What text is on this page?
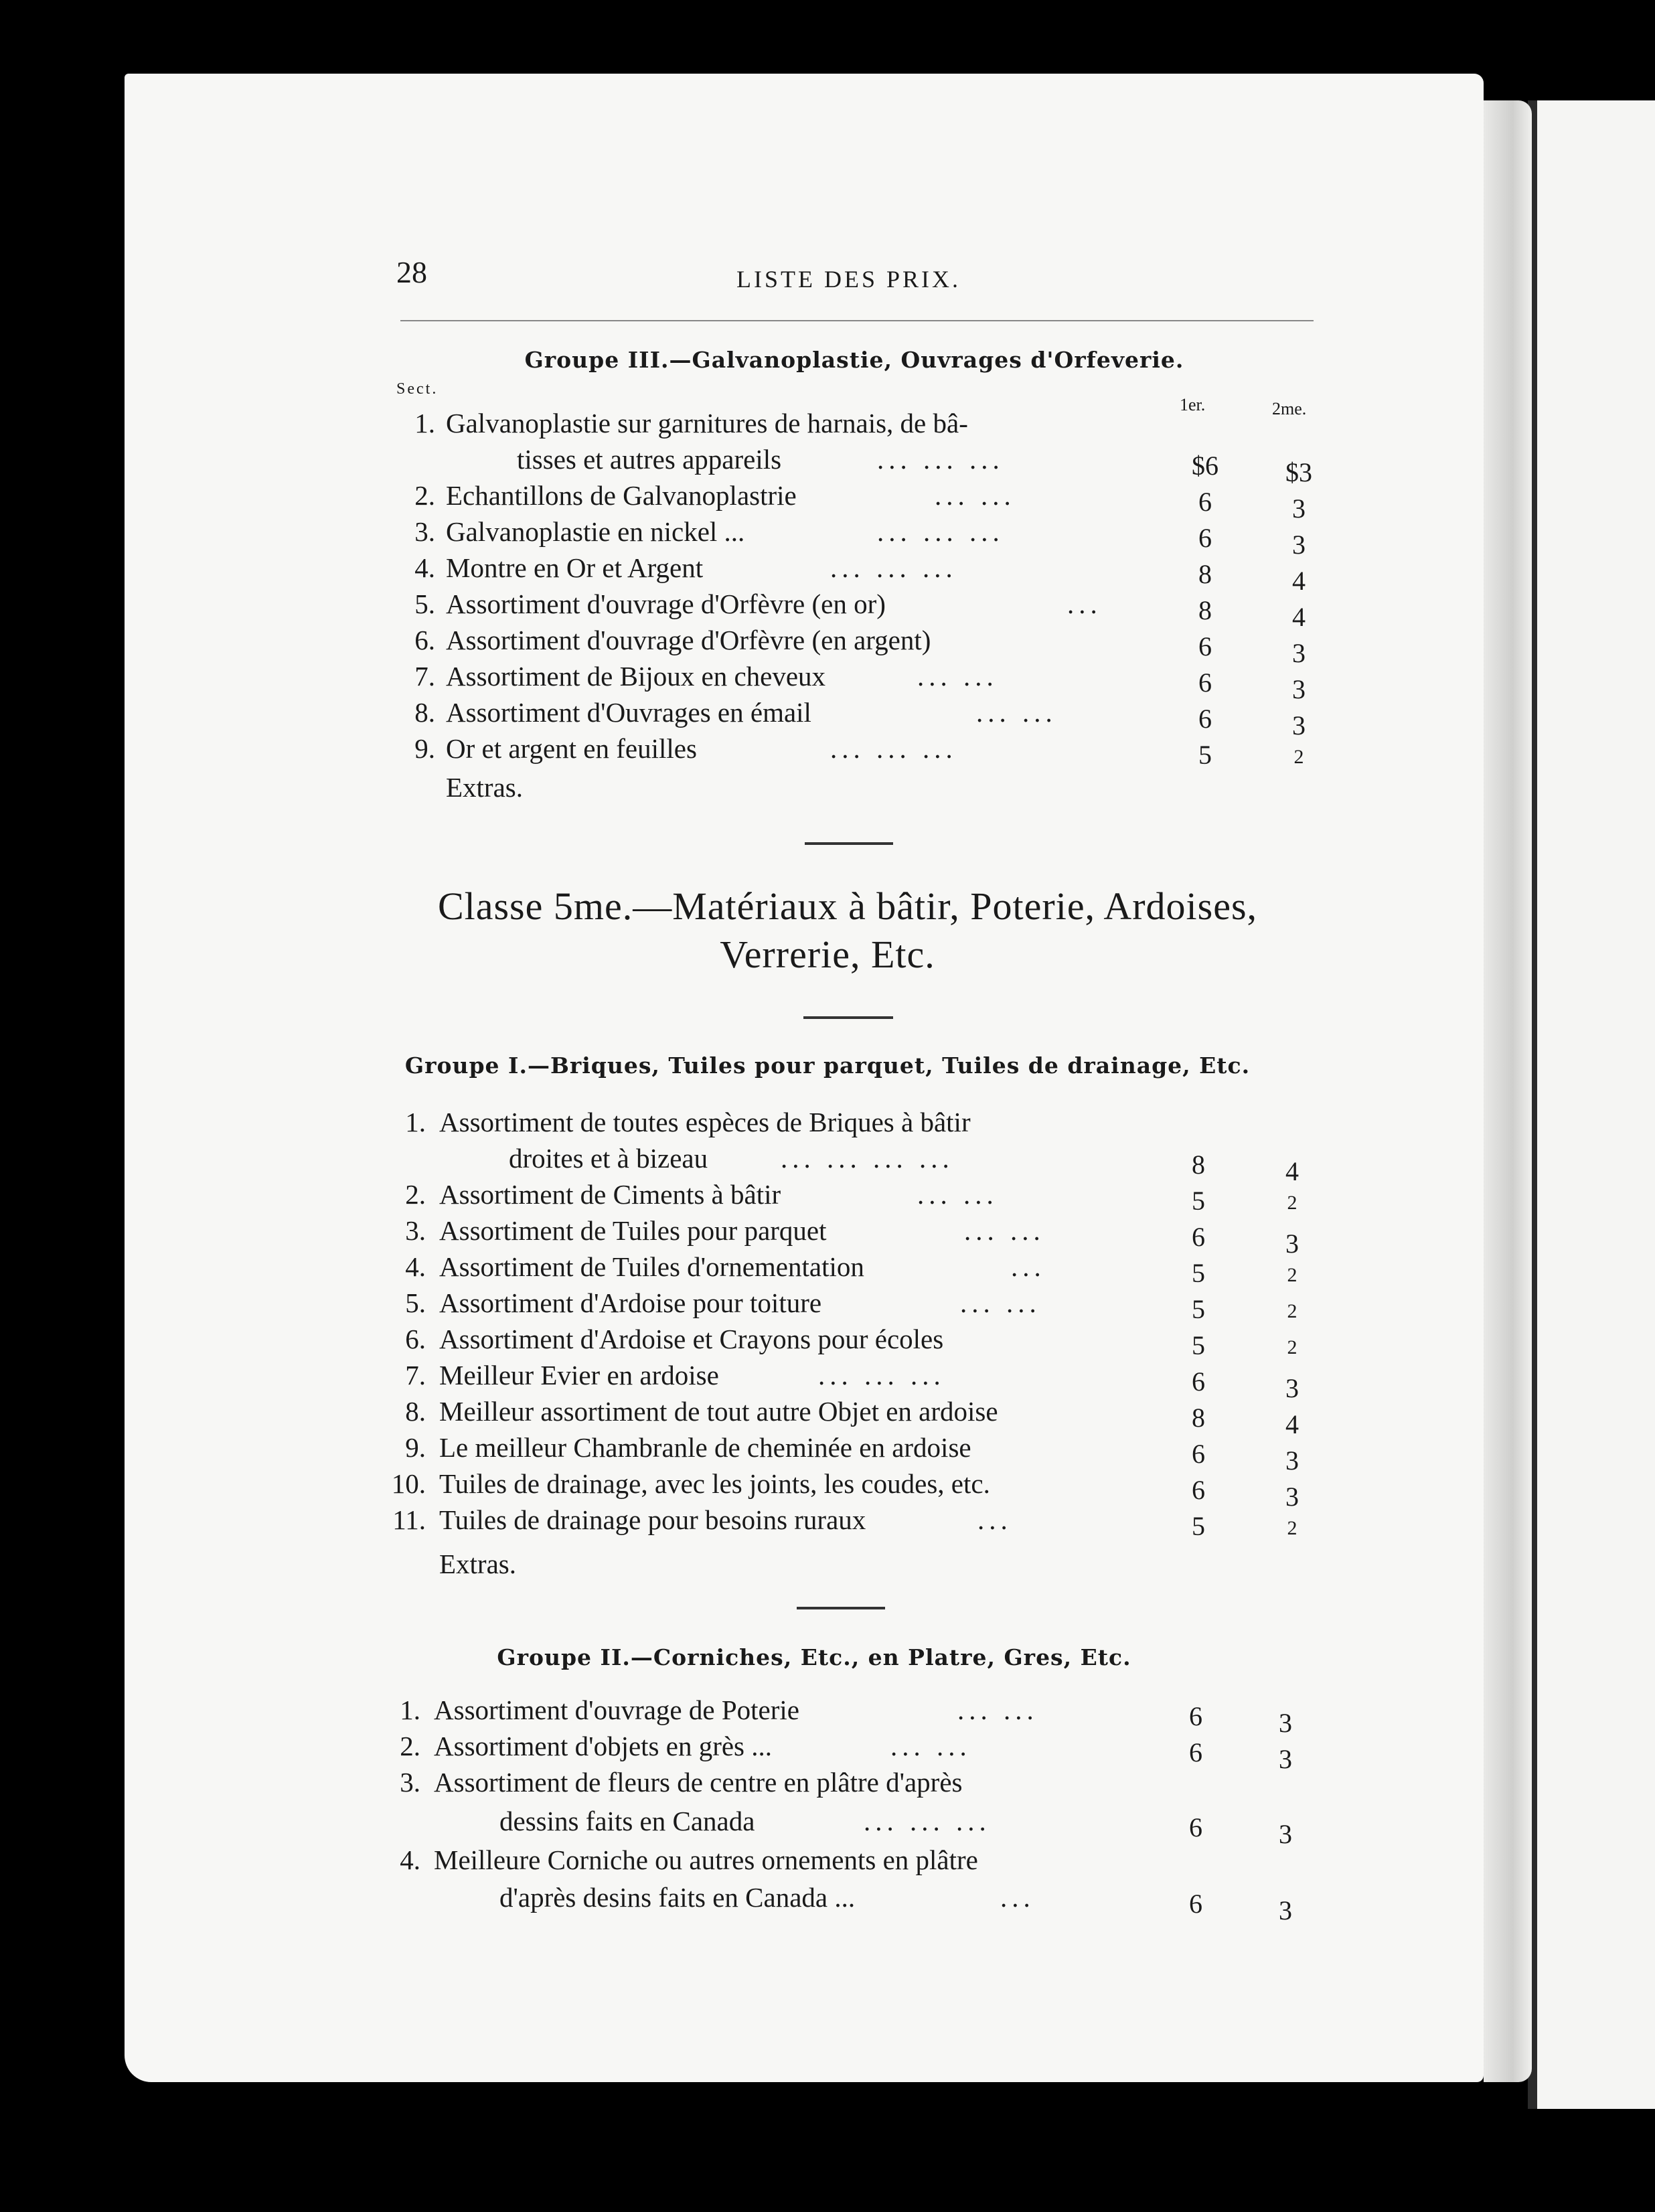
28	LISTE DES PRIX.
Groupe III.—Galvanoplastie, Ouvrages d'Orfeverie.
Sect.
1er.	2me.
1. Galvanoplastie sur garnitures de harnais, de bâ-
tisses et autres appareils	... ... ...	$6	$3
2. Echantillons de Galvanoplastrie	... ...	6	3
3. Galvanoplastie en nickel ...	... ... ...	6	3
4. Montre en Or et Argent	... ... ...	8	4
5. Assortiment d'ouvrage d'Orfèvre (en or)	...	8	4
6. Assortiment d'ouvrage d'Orfèvre (en argent)	6	3
7. Assortiment de Bijoux en cheveux	... ...	6	3
8. Assortiment d'Ouvrages en émail	... ...	6	3
9. Or et argent en feuilles	... ... ...	5	2
Extras.
Classe 5me.—Matériaux à bâtir, Poterie, Ardoises,
Verrerie, Etc.
Groupe I.—Briques, Tuiles pour parquet, Tuiles de drainage, Etc.
1. Assortiment de toutes espèces de Briques à bâtir
droites et à bizeau	... ... ... ...	8	4
2. Assortiment de Ciments à bâtir	... ...	5	2
3. Assortiment de Tuiles pour parquet	... ...	6	3
4. Assortiment de Tuiles d'ornementation	...	5	2
5. Assortiment d'Ardoise pour toiture	... ...	5	2
6. Assortiment d'Ardoise et Crayons pour écoles	5	2
7. Meilleur Evier en ardoise	... ... ...	6	3
8. Meilleur assortiment de tout autre Objet en ardoise	8	4
9. Le meilleur Chambranle de cheminée en ardoise	6	3
10. Tuiles de drainage, avec les joints, les coudes, etc.	6	3
11. Tuiles de drainage pour besoins ruraux	...	5	2
Extras.
Groupe II.—Corniches, Etc., en Platre, Gres, Etc.
1. Assortiment d'ouvrage de Poterie	... ...	6	3
2. Assortiment d'objets en grès ...	... ...	6	3
3. Assortiment de fleurs de centre en plâtre d'après
dessins faits en Canada	... ... ...	6	3
4. Meilleure Corniche ou autres ornements en plâtre
d'après desins faits en Canada ...	...	6	3
